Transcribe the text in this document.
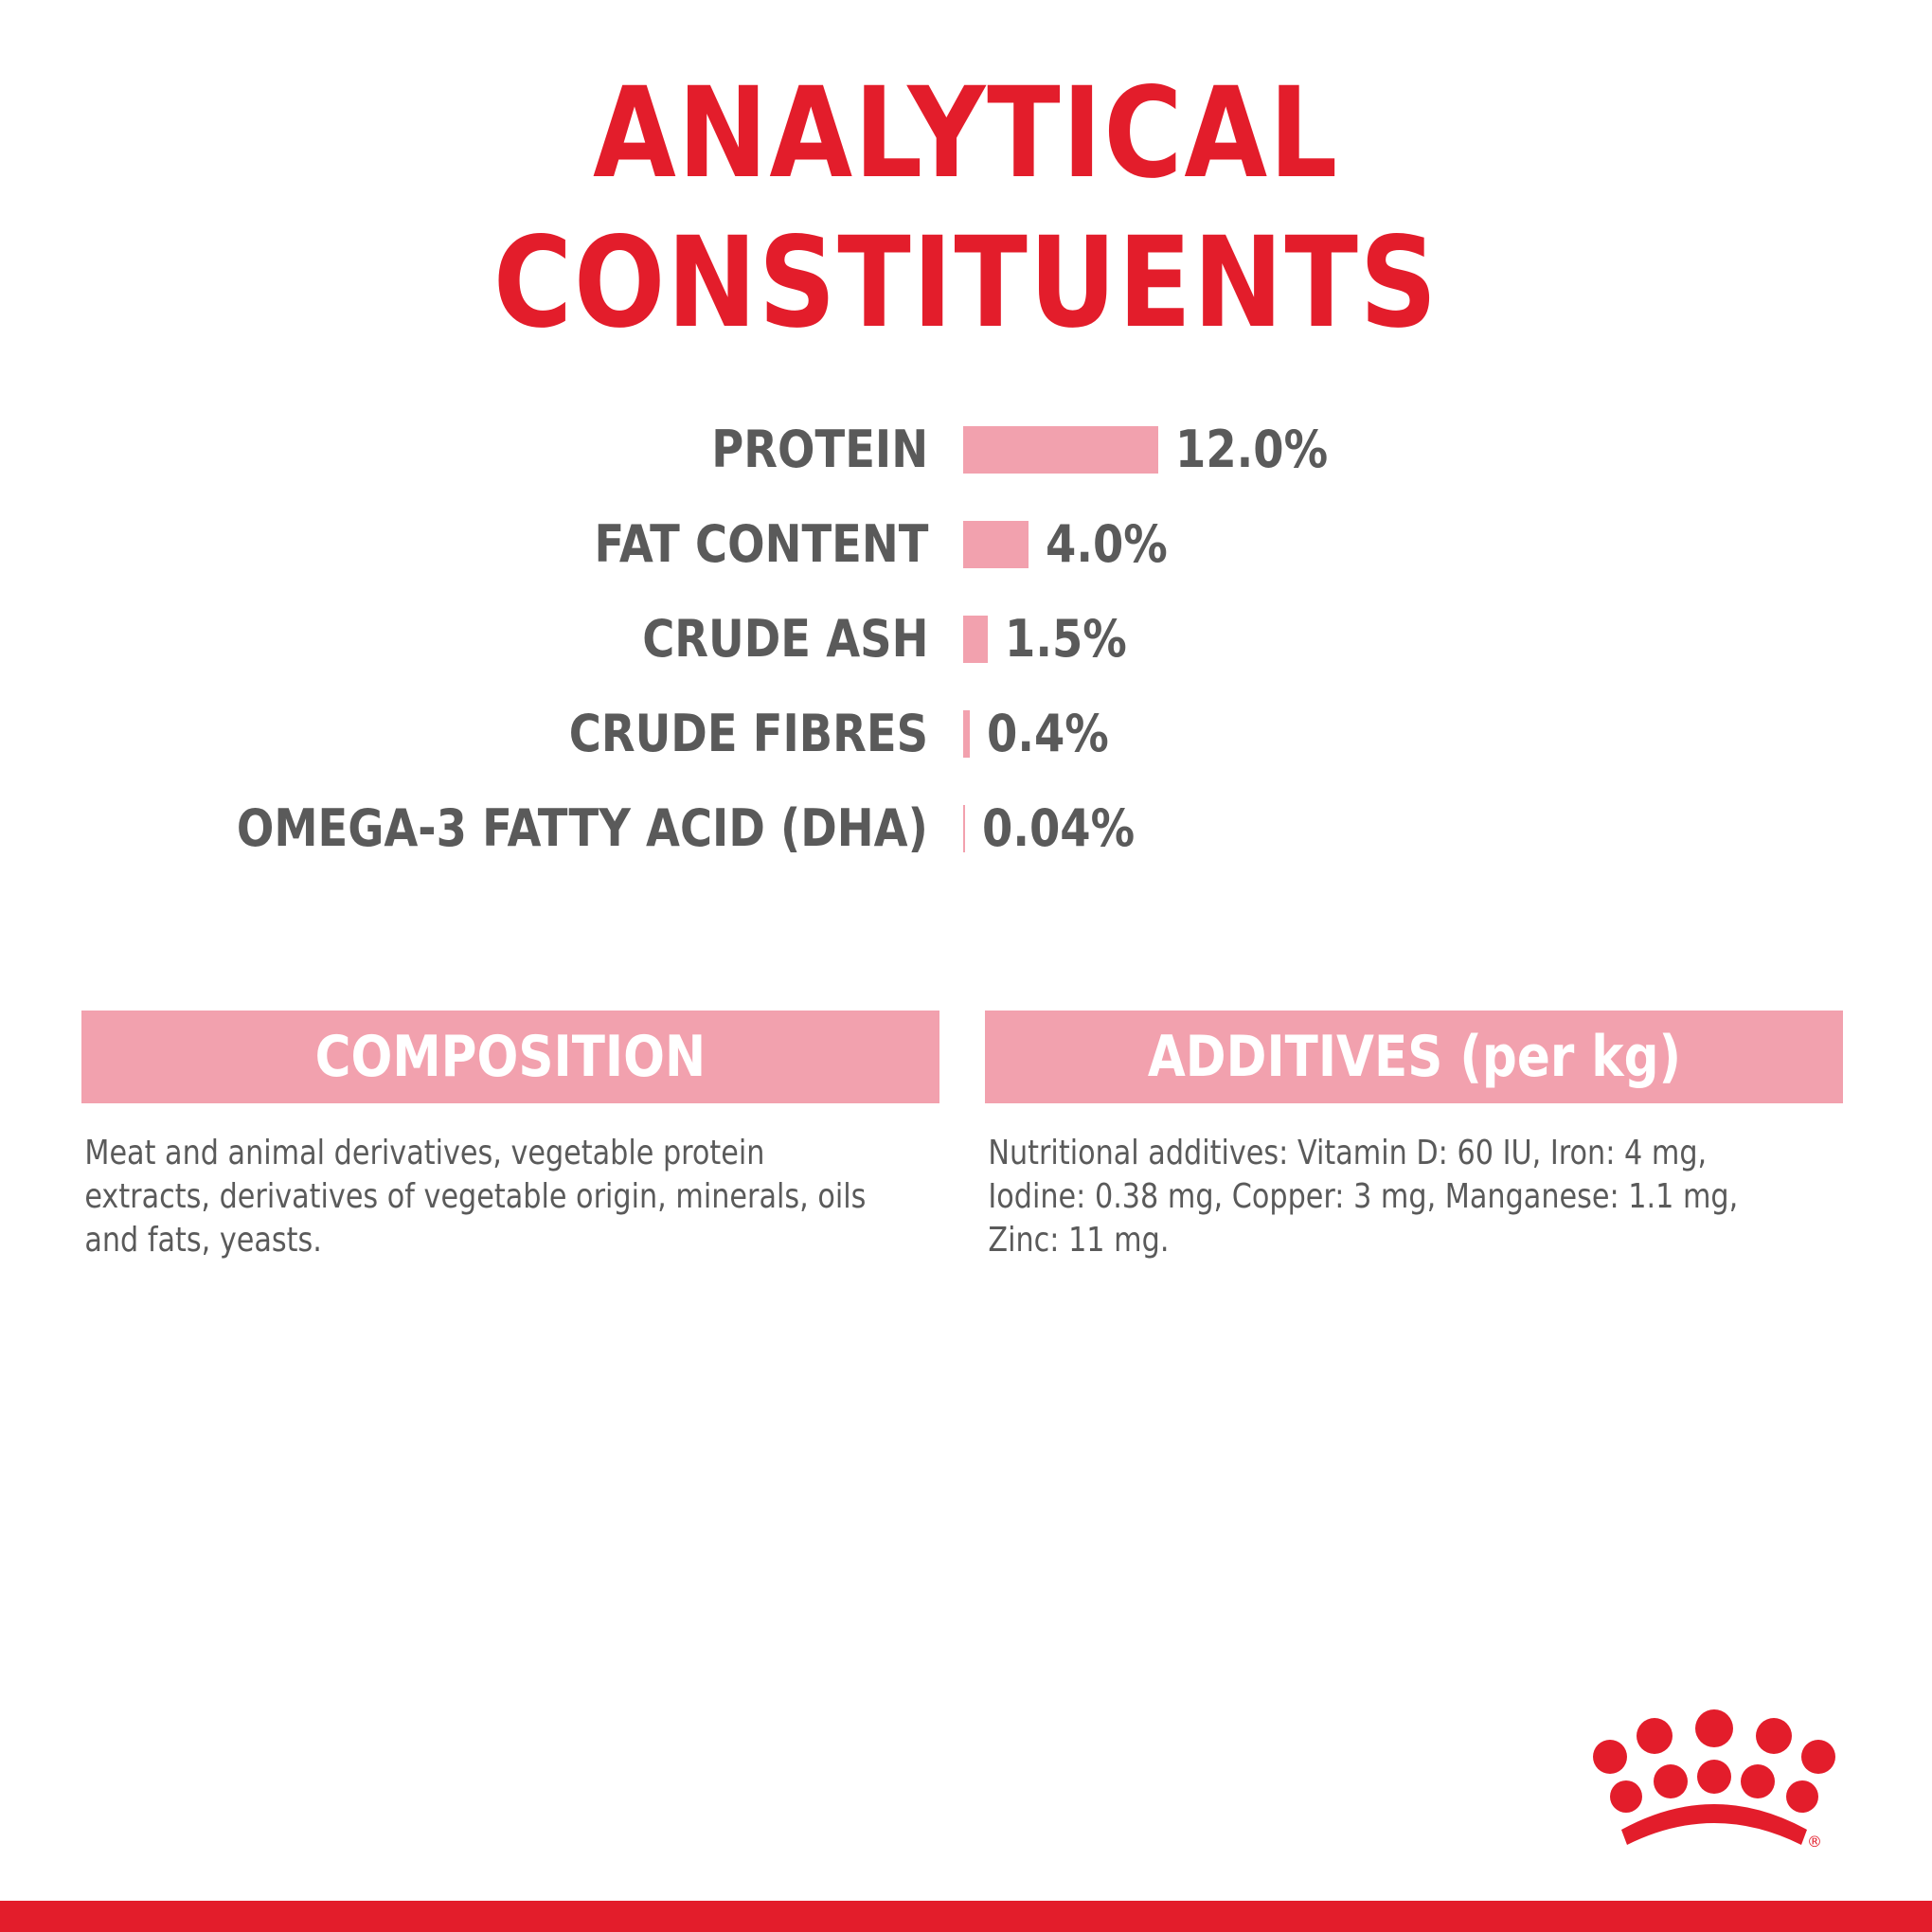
ANALYTICAL
CONSTITUENTS
PROTEIN	12.0%
FAT CONTENT 4.0%
CRUDE ASH 1.5%
CRUDE FIBRES 0.4%
OMEGA-3 FATTY ACID (DHA) 0.04%
COMPOSITION
Meat and animal derivatives, vegetable protein extracts, derivatives of vegetable origin, minerals, oils and fats, yeasts.
ADDITIVES (per kg)
Nutritional additives: Vitamin D: 60 IU, Iron: 4 mg, Iodine: 0.38 mg, Copper: 3 mg, Manganese: 1.1 mg, Zinc: 11 mg.
®
